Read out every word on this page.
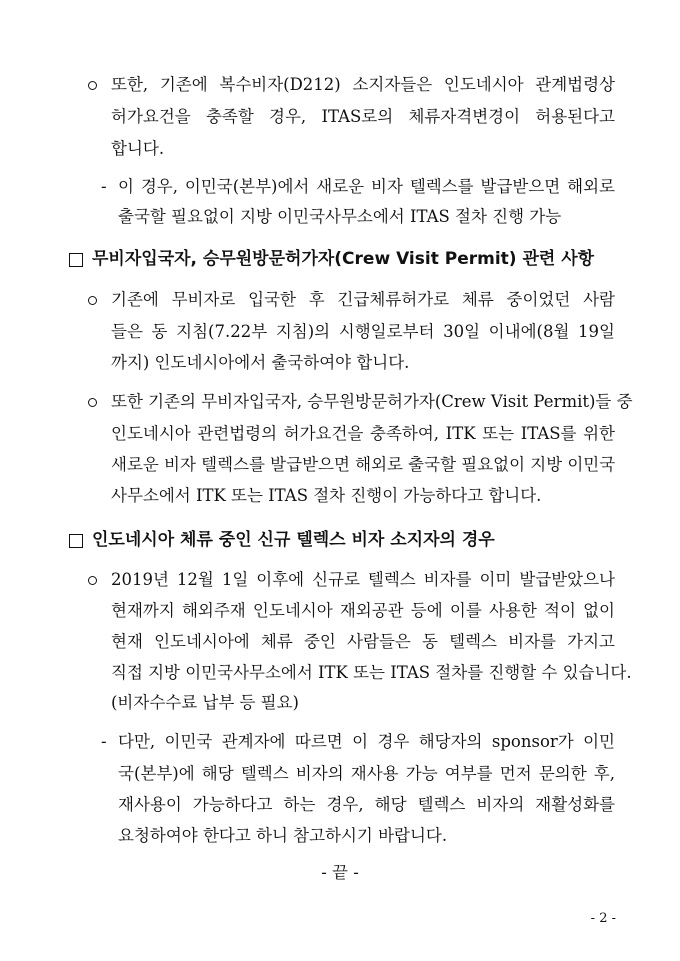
또한, 기존에 복수비자(D212) 소지자들은 인도네시아 관계법령상
허가요건을 충족할 경우, ITAS로의 체류자격변경이 허용된다고
합니다.
- 이 경우, 이민국(본부)에서 새로운 비자 텔렉스를 발급받으면 해외로
출국할 필요없이 지방 이민국사무소에서 ITAS 절차 진행 가능
무비자입국자, 승무원방문허가자(Crew Visit Permit) 관련 사항
기존에 무비자로 입국한 후 긴급체류허가로 체류 중이었던 사람
들은 동 지침(7.22부 지침)의 시행일로부터 30일 이내에(8월 19일
까지) 인도네시아에서 출국하여야 합니다.
또한 기존의 무비자입국자, 승무원방문허가자(Crew Visit Permit)들 중
인도네시아 관련법령의 허가요건을 충족하여, ITK 또는 ITAS를 위한
새로운 비자 텔렉스를 발급받으면 해외로 출국할 필요없이 지방 이민국
사무소에서 ITK 또는 ITAS 절차 진행이 가능하다고 합니다.
인도네시아 체류 중인 신규 텔렉스 비자 소지자의 경우
2019년 12월 1일 이후에 신규로 텔렉스 비자를 이미 발급받았으나
현재까지 해외주재 인도네시아 재외공관 등에 이를 사용한 적이 없이
현재 인도네시아에 체류 중인 사람들은 동 텔렉스 비자를 가지고
직접 지방 이민국사무소에서 ITK 또는 ITAS 절차를 진행할 수 있습니다.
(비자수수료 납부 등 필요)
- 다만, 이민국 관계자에 따르면 이 경우 해당자의 sponsor가 이민
국(본부)에 해당 텔렉스 비자의 재사용 가능 여부를 먼저 문의한 후,
재사용이 가능하다고 하는 경우, 해당 텔렉스 비자의 재활성화를
요청하여야 한다고 하니 참고하시기 바랍니다.
- 끝 -
- 2 -
